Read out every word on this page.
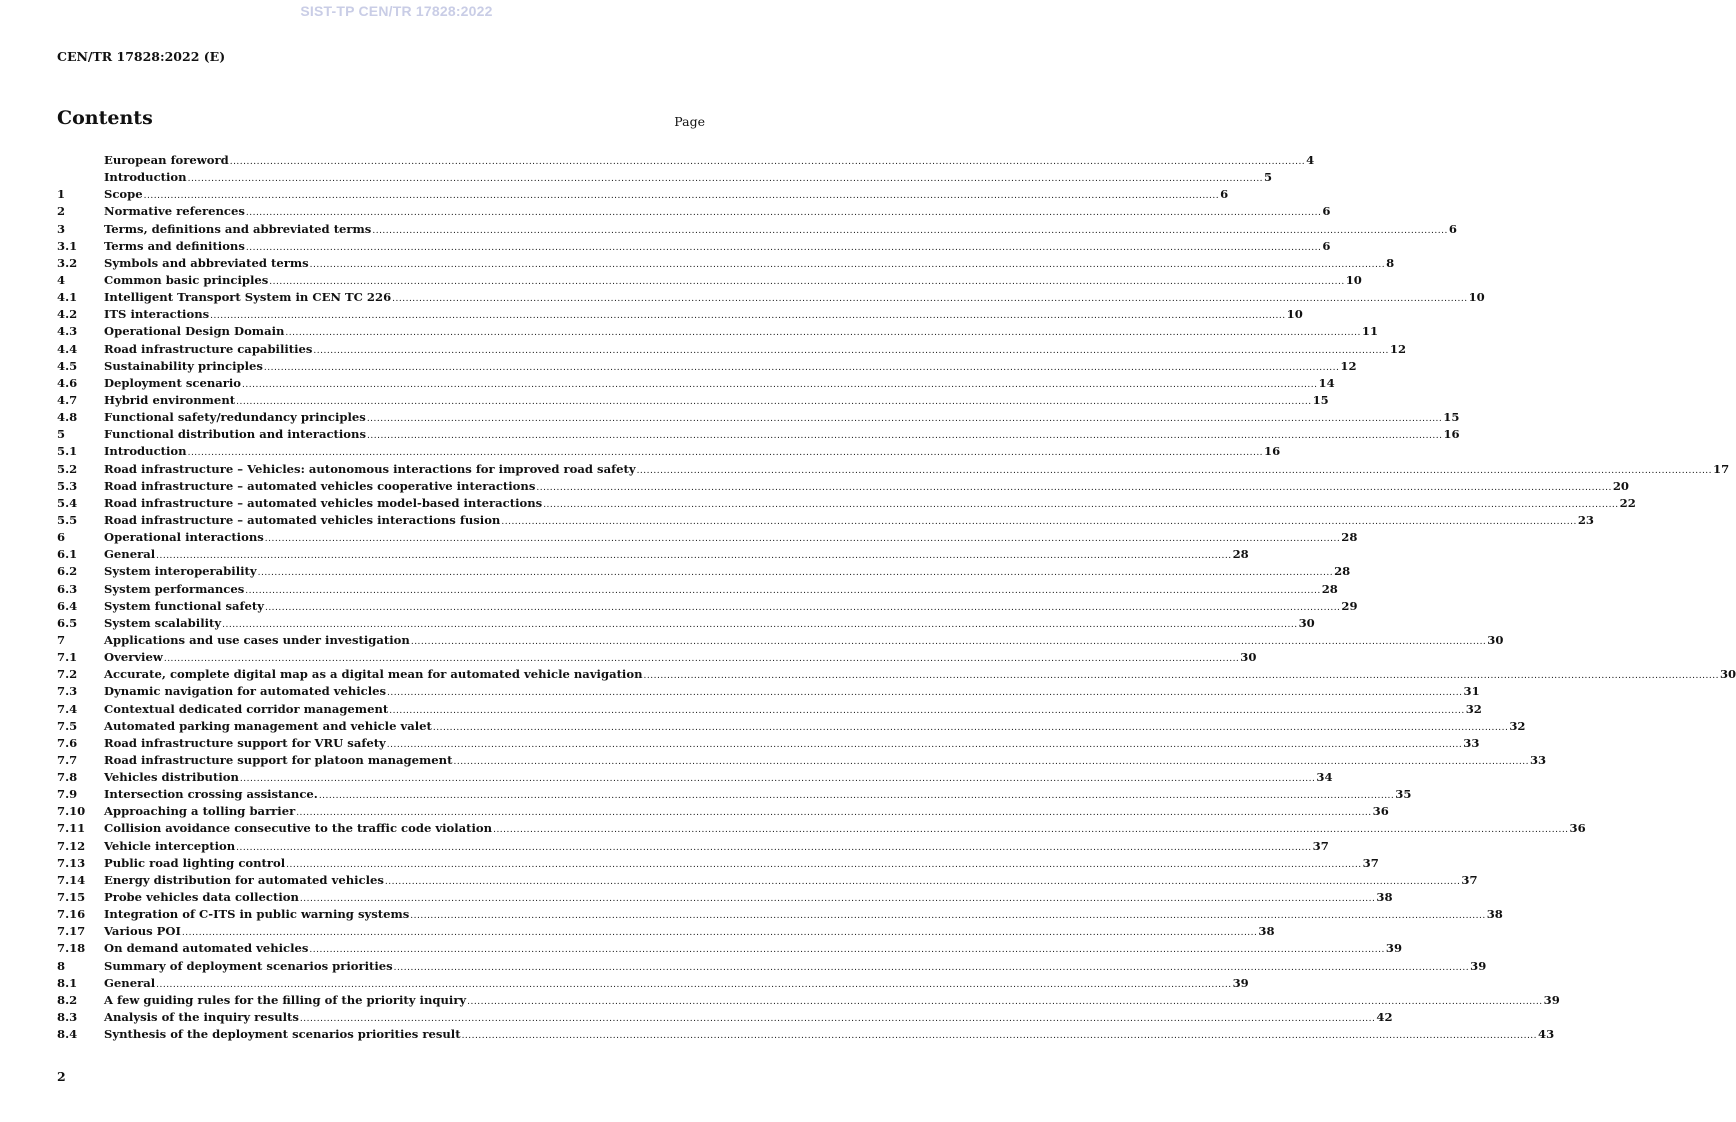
SIST-TP CEN/TR 17828:2022
CEN/TR 17828:2022 (E)
Contents	Page
European foreword .....	4
Introduction .....	5
1	Scope .....	6
2	Normative references .....	6
3	Terms, definitions and abbreviated terms .....	6
3.1	Terms and definitions .....	6
3.2	Symbols and abbreviated terms .....	8
4	Common basic principles .....	10
4.1	Intelligent Transport System in CEN TC 226 .....	10
4.2	ITS interactions .....	10
4.3	Operational Design Domain .....	11
4.4	Road infrastructure capabilities .....	12
4.5	Sustainability principles .....	12
4.6	Deployment scenario .....	14
4.7	Hybrid environment .....	15
4.8	Functional safety/redundancy principles .....	15
5	Functional distribution and interactions .....	16
5.1	Introduction .....	16
5.2	Road infrastructure – Vehicles: autonomous interactions for improved road safety .....	17
5.3	Road infrastructure – automated vehicles cooperative interactions .....	20
5.4	Road infrastructure – automated vehicles model-based interactions .....	22
5.5	Road infrastructure – automated vehicles interactions fusion .....	23
6	Operational interactions .....	28
6.1	General .....	28
6.2	System interoperability .....	28
6.3	System performances .....	28
6.4	System functional safety .....	29
6.5	System scalability .....	30
7	Applications and use cases under investigation .....	30
7.1	Overview .....	30
7.2	Accurate, complete digital map as a digital mean for automated vehicle navigation .....	30
7.3	Dynamic navigation for automated vehicles .....	31
7.4	Contextual dedicated corridor management .....	32
7.5	Automated parking management and vehicle valet .....	32
7.6	Road infrastructure support for VRU safety .....	33
7.7	Road infrastructure support for platoon management .....	33
7.8	Vehicles distribution .....	34
7.9	Intersection crossing assistance. .....	35
7.10	Approaching a tolling barrier .....	36
7.11	Collision avoidance consecutive to the traffic code violation .....	36
7.12	Vehicle interception .....	37
7.13	Public road lighting control .....	37
7.14	Energy distribution for automated vehicles .....	37
7.15	Probe vehicles data collection .....	38
7.16	Integration of C-ITS in public warning systems .....	38
7.17	Various POI .....	38
7.18	On demand automated vehicles .....	39
8	Summary of deployment scenarios priorities .....	39
8.1	General .....	39
8.2	A few guiding rules for the filling of the priority inquiry .....	39
8.3	Analysis of the inquiry results .....	42
8.4	Synthesis of the deployment scenarios priorities result .....	43
2
